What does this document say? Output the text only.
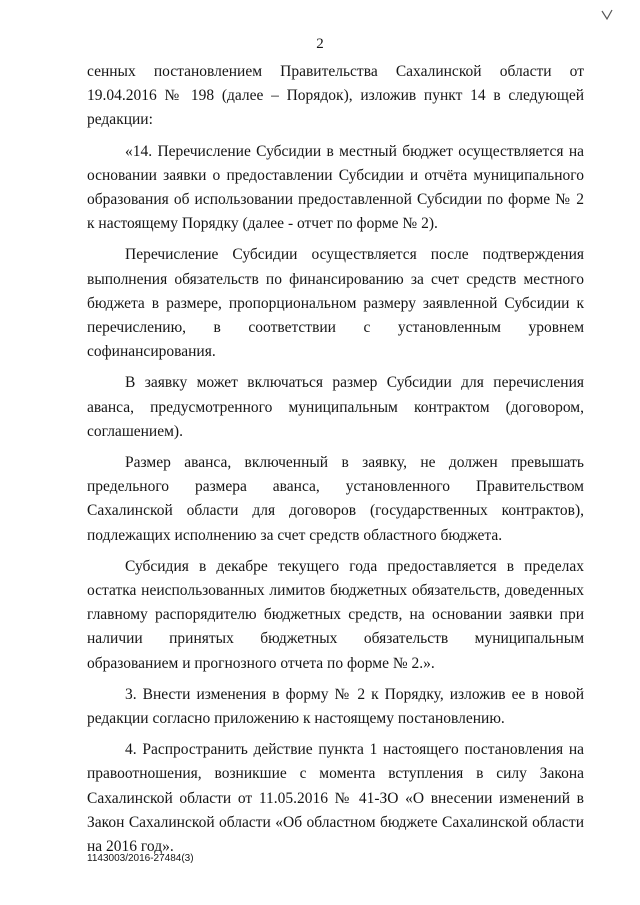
2

сенных постановлением Правительства Сахалинской области от 19.04.2016 № 198 (далее – Порядок), изложив пункт 14 в следующей редакции:

«14. Перечисление Субсидии в местный бюджет осуществляется на основании заявки о предоставлении Субсидии и отчёта муниципального образования об использовании предоставленной Субсидии по форме № 2 к настоящему Порядку (далее - отчет по форме № 2).

Перечисление Субсидии осуществляется после подтверждения выполнения обязательств по финансированию за счет средств местного бюджета в размере, пропорциональном размеру заявленной Субсидии к перечислению, в соответствии с установленным уровнем софинансирования.

В заявку может включаться размер Субсидии для перечисления аванса, предусмотренного муниципальным контрактом (договором, соглашением).

Размер аванса, включенный в заявку, не должен превышать предельного размера аванса, установленного Правительством Сахалинской области для договоров (государственных контрактов), подлежащих исполнению за счет средств областного бюджета.

Субсидия в декабре текущего года предоставляется в пределах остатка неиспользованных лимитов бюджетных обязательств, доведенных главному распорядителю бюджетных средств, на основании заявки при наличии принятых бюджетных обязательств муниципальным образованием и прогнозного отчета по форме № 2.».

3. Внести изменения в форму № 2 к Порядку, изложив ее в новой редакции согласно приложению к настоящему постановлению.

4. Распространить действие пункта 1 настоящего постановления на правоотношения, возникшие с момента вступления в силу Закона Сахалинской области от 11.05.2016 № 41-ЗО «О внесении изменений в Закон Сахалинской области «Об областном бюджете Сахалинской области на 2016 год».

1143003/2016-27484(3)
